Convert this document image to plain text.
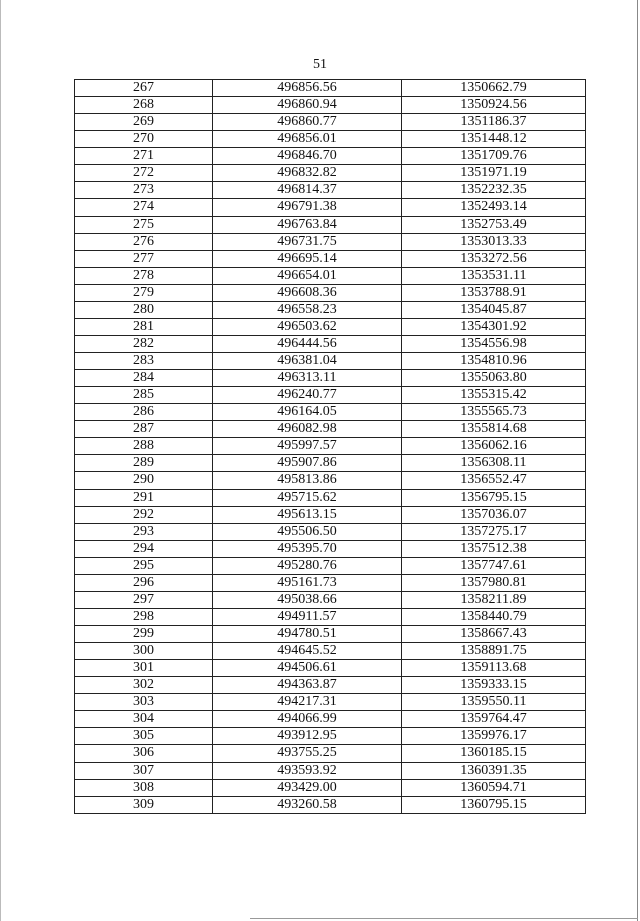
51
267	496856.56	1350662.79
268	496860.94	1350924.56
269	496860.77	1351186.37
270	496856.01	1351448.12
271	496846.70	1351709.76
272	496832.82	1351971.19
273	496814.37	1352232.35
274	496791.38	1352493.14
275	496763.84	1352753.49
276	496731.75	1353013.33
277	496695.14	1353272.56
278	496654.01	1353531.11
279	496608.36	1353788.91
280	496558.23	1354045.87
281	496503.62	1354301.92
282	496444.56	1354556.98
283	496381.04	1354810.96
284	496313.11	1355063.80
285	496240.77	1355315.42
286	496164.05	1355565.73
287	496082.98	1355814.68
288	495997.57	1356062.16
289	495907.86	1356308.11
290	495813.86	1356552.47
291	495715.62	1356795.15
292	495613.15	1357036.07
293	495506.50	1357275.17
294	495395.70	1357512.38
295	495280.76	1357747.61
296	495161.73	1357980.81
297	495038.66	1358211.89
298	494911.57	1358440.79
299	494780.51	1358667.43
300	494645.52	1358891.75
301	494506.61	1359113.68
302	494363.87	1359333.15
303	494217.31	1359550.11
304	494066.99	1359764.47
305	493912.95	1359976.17
306	493755.25	1360185.15
307	493593.92	1360391.35
308	493429.00	1360594.71
309	493260.58	1360795.15
